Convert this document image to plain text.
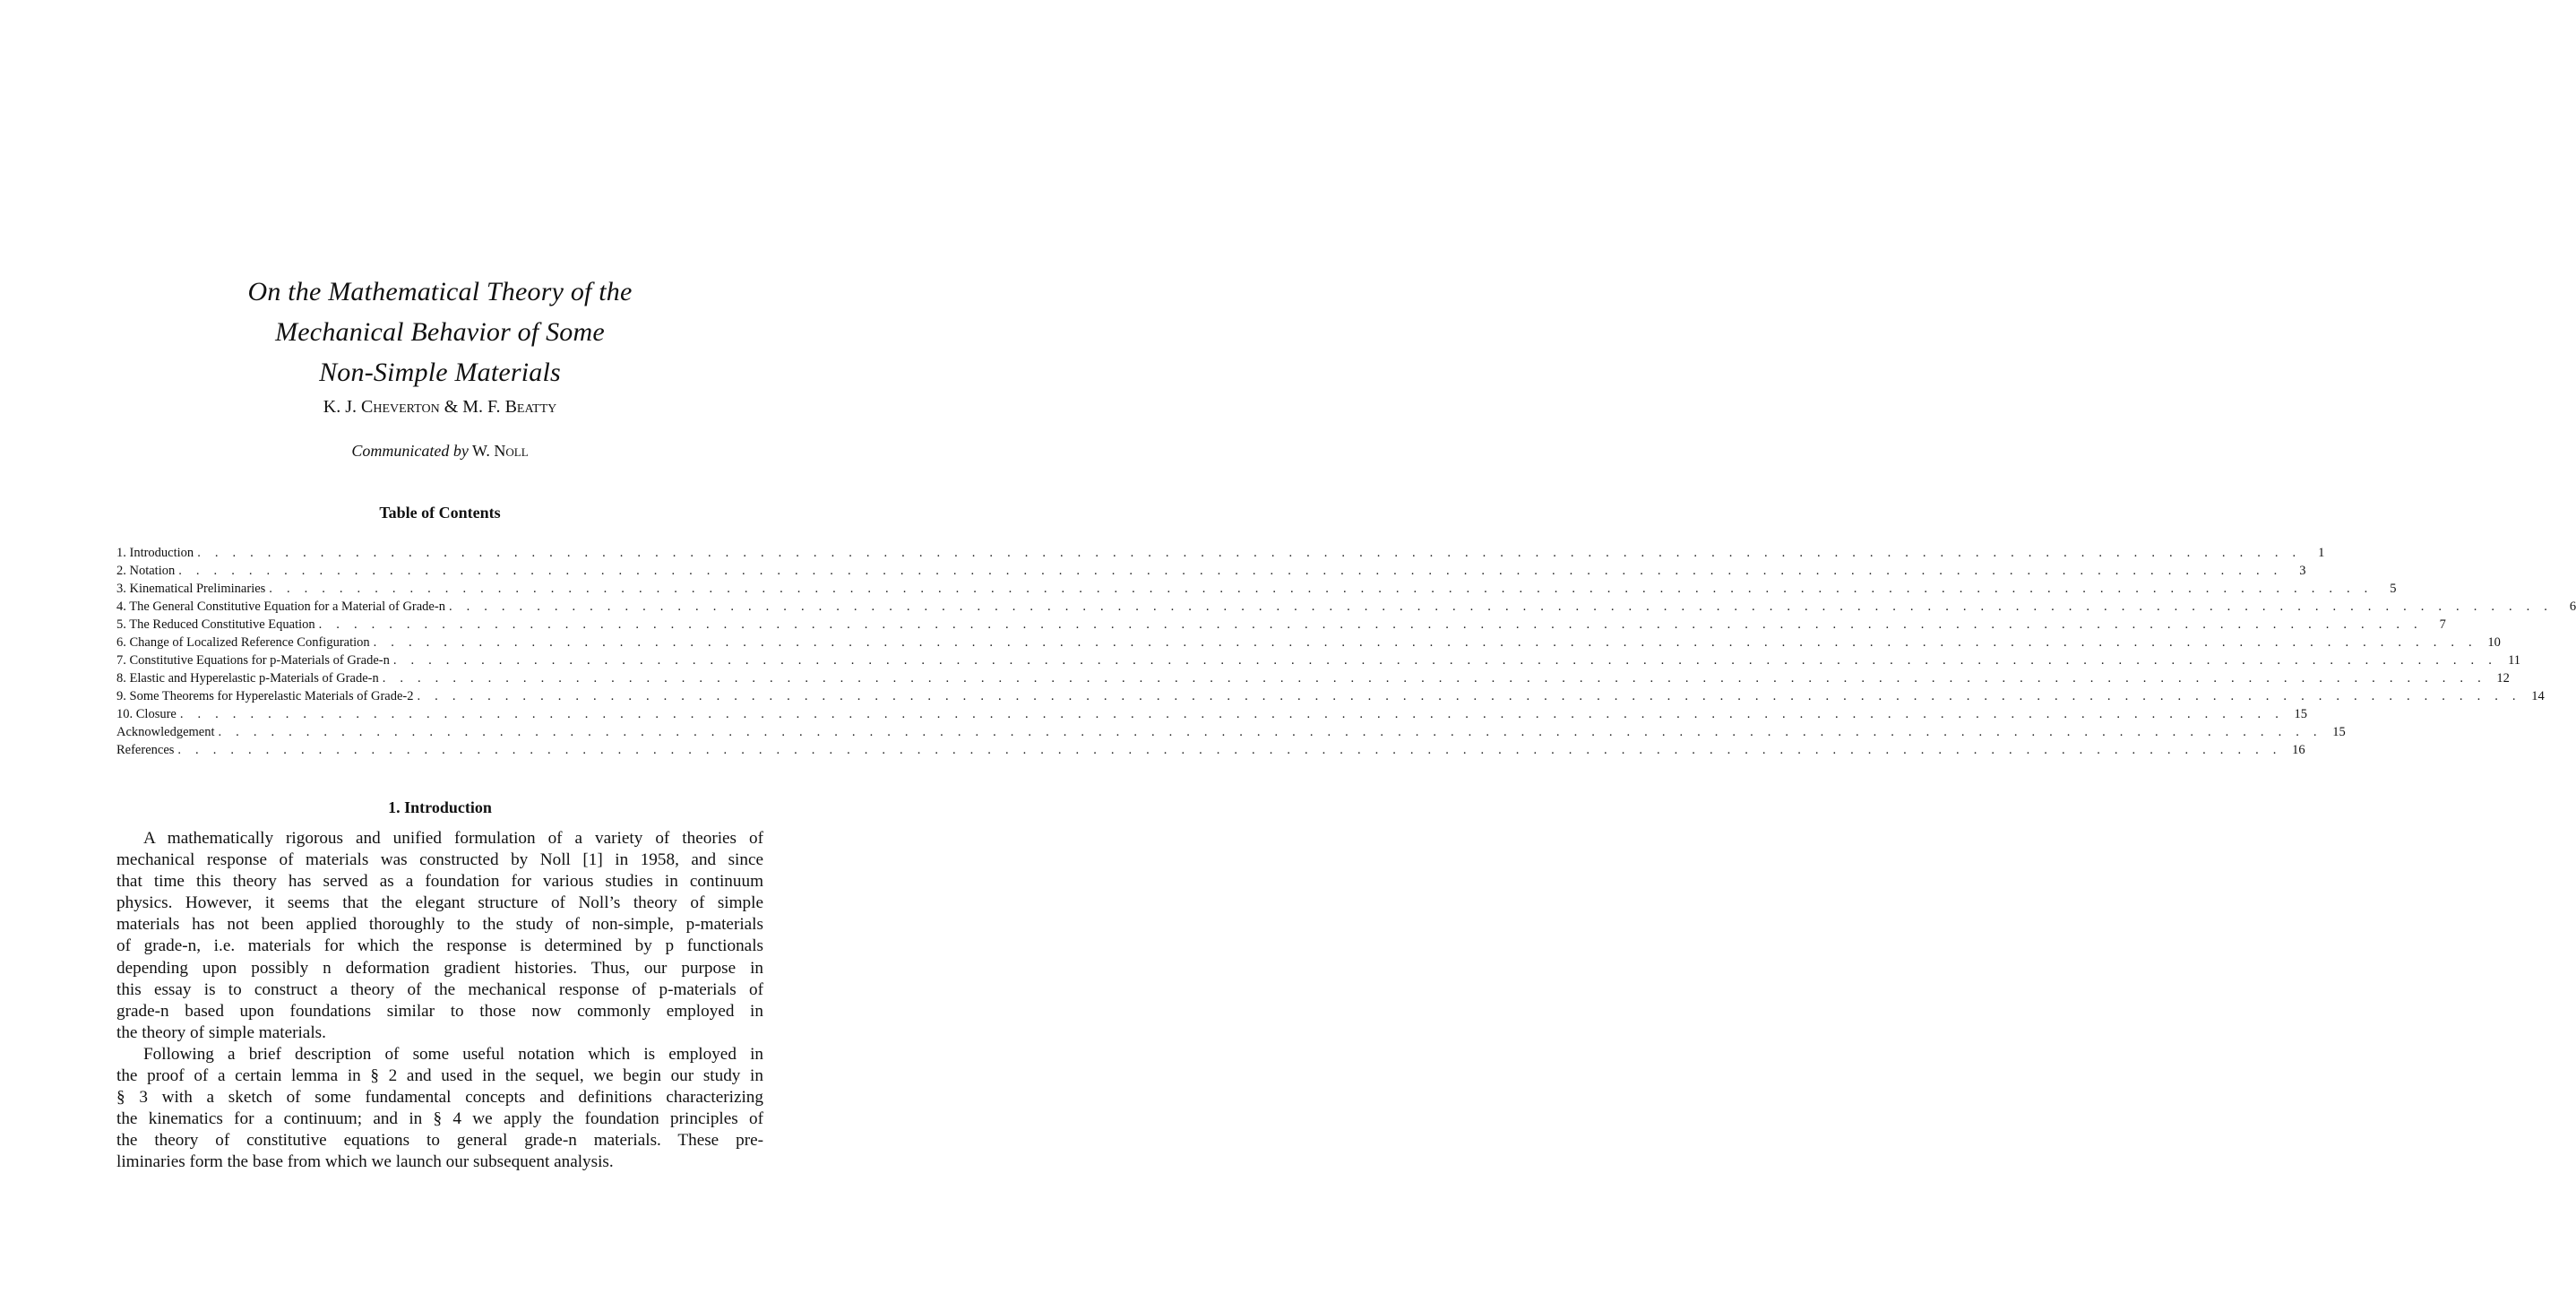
On the Mathematical Theory of the
Mechanical Behavior of Some
Non-Simple Materials
K. J. Cheverton & M. F. Beatty
Communicated by W. Noll
Table of Contents
1. Introduction . . . . . . . . . . . . . . . . . . . . . . . . . . . . . . . . . . . . . . . . . . . . . . . . . . . . . . . . . . . . . . . . . . . . . . . . . . . . . . . . . . . . . . . . . . . . . . . . . . . . . . . . . . . . . . . . . . . . . . . .	1
2. Notation . . . . . . . . . . . . . . . . . . . . . . . . . . . . . . . . . . . . . . . . . . . . . . . . . . . . . . . . . . . . . . . . . . . . . . . . . . . . . . . . . . . . . . . . . . . . . . . . . . . . . . . . . . . . . . . . . . . . . . . .	3
3. Kinematical Preliminaries . . . . . . . . . . . . . . . . . . . . . . . . . . . . . . . . . . . . . . . . . . . . . . . . . . . . . . . . . . . . . . . . . . . . . . . . . . . . . . . . . . . . . . . . . . . . . . . . . . . . . . . . . . . . . . . . . . . . . . . .	5
4. The General Constitutive Equation for a Material of Grade-n . . . . . . . . . . . . . . . . . . . . . . . . . . . . . . . . . . . . . . . . . . . . . . . . . . . . . . . . . . . . . . . . . . . . . . . . . . . . . . . . . . . . . . . . . . . . . . . . . . . . . . . . . . . . . . . . . . . . . . . .	6
5. The Reduced Constitutive Equation . . . . . . . . . . . . . . . . . . . . . . . . . . . . . . . . . . . . . . . . . . . . . . . . . . . . . . . . . . . . . . . . . . . . . . . . . . . . . . . . . . . . . . . . . . . . . . . . . . . . . . . . . . . . . . . . . . . . . . . .	7
6. Change of Localized Reference Configuration . . . . . . . . . . . . . . . . . . . . . . . . . . . . . . . . . . . . . . . . . . . . . . . . . . . . . . . . . . . . . . . . . . . . . . . . . . . . . . . . . . . . . . . . . . . . . . . . . . . . . . . . . . . . . . . . . . . . . . . . 10
7. Constitutive Equations for p-Materials of Grade-n . . . . . . . . . . . . . . . . . . . . . . . . . . . . . . . . . . . . . . . . . . . . . . . . . . . . . . . . . . . . . . . . . . . . . . . . . . . . . . . . . . . . . . . . . . . . . . . . . . . . . . . . . . . . . . . . . . . . . . . . 11
8. Elastic and Hyperelastic p-Materials of Grade-n . . . . . . . . . . . . . . . . . . . . . . . . . . . . . . . . . . . . . . . . . . . . . . . . . . . . . . . . . . . . . . . . . . . . . . . . . . . . . . . . . . . . . . . . . . . . . . . . . . . . . . . . . . . . . . . . . . . . . . . . 12
9. Some Theorems for Hyperelastic Materials of Grade-2 . . . . . . . . . . . . . . . . . . . . . . . . . . . . . . . . . . . . . . . . . . . . . . . . . . . . . . . . . . . . . . . . . . . . . . . . . . . . . . . . . . . . . . . . . . . . . . . . . . . . . . . . . . . . . . . . . . . . . . . . 14
10. Closure . . . . . . . . . . . . . . . . . . . . . . . . . . . . . . . . . . . . . . . . . . . . . . . . . . . . . . . . . . . . . . . . . . . . . . . . . . . . . . . . . . . . . . . . . . . . . . . . . . . . . . . . . . . . . . . . . . . . . . . . 15
Acknowledgement . . . . . . . . . . . . . . . . . . . . . . . . . . . . . . . . . . . . . . . . . . . . . . . . . . . . . . . . . . . . . . . . . . . . . . . . . . . . . . . . . . . . . . . . . . . . . . . . . . . . . . . . . . . . . . . . . . . . . . . . 15
References . . . . . . . . . . . . . . . . . . . . . . . . . . . . . . . . . . . . . . . . . . . . . . . . . . . . . . . . . . . . . . . . . . . . . . . . . . . . . . . . . . . . . . . . . . . . . . . . . . . . . . . . . . . . . . . . . . . . . . . . 16
1. Introduction
A mathematically rigorous and unified formulation of a variety of theories of
mechanical response of materials was constructed by Noll [1] in 1958, and since
that time this theory has served as a foundation for various studies in continuum
physics. However, it seems that the elegant structure of Noll’s theory of simple
materials has not been applied thoroughly to the study of non-simple, p-materials
of grade-n, i.e. materials for which the response is determined by p functionals
depending upon possibly n deformation gradient histories. Thus, our purpose in
this essay is to construct a theory of the mechanical response of p-materials of
grade-n based upon foundations similar to those now commonly employed in
the theory of simple materials.
Following a brief description of some useful notation which is employed in
the proof of a certain lemma in § 2 and used in the sequel, we begin our study in
§ 3 with a sketch of some fundamental concepts and definitions characterizing
the kinematics for a continuum; and in § 4 we apply the foundation principles of
the theory of constitutive equations to general grade-n materials. These pre-
liminaries form the base from which we launch our subsequent analysis.
